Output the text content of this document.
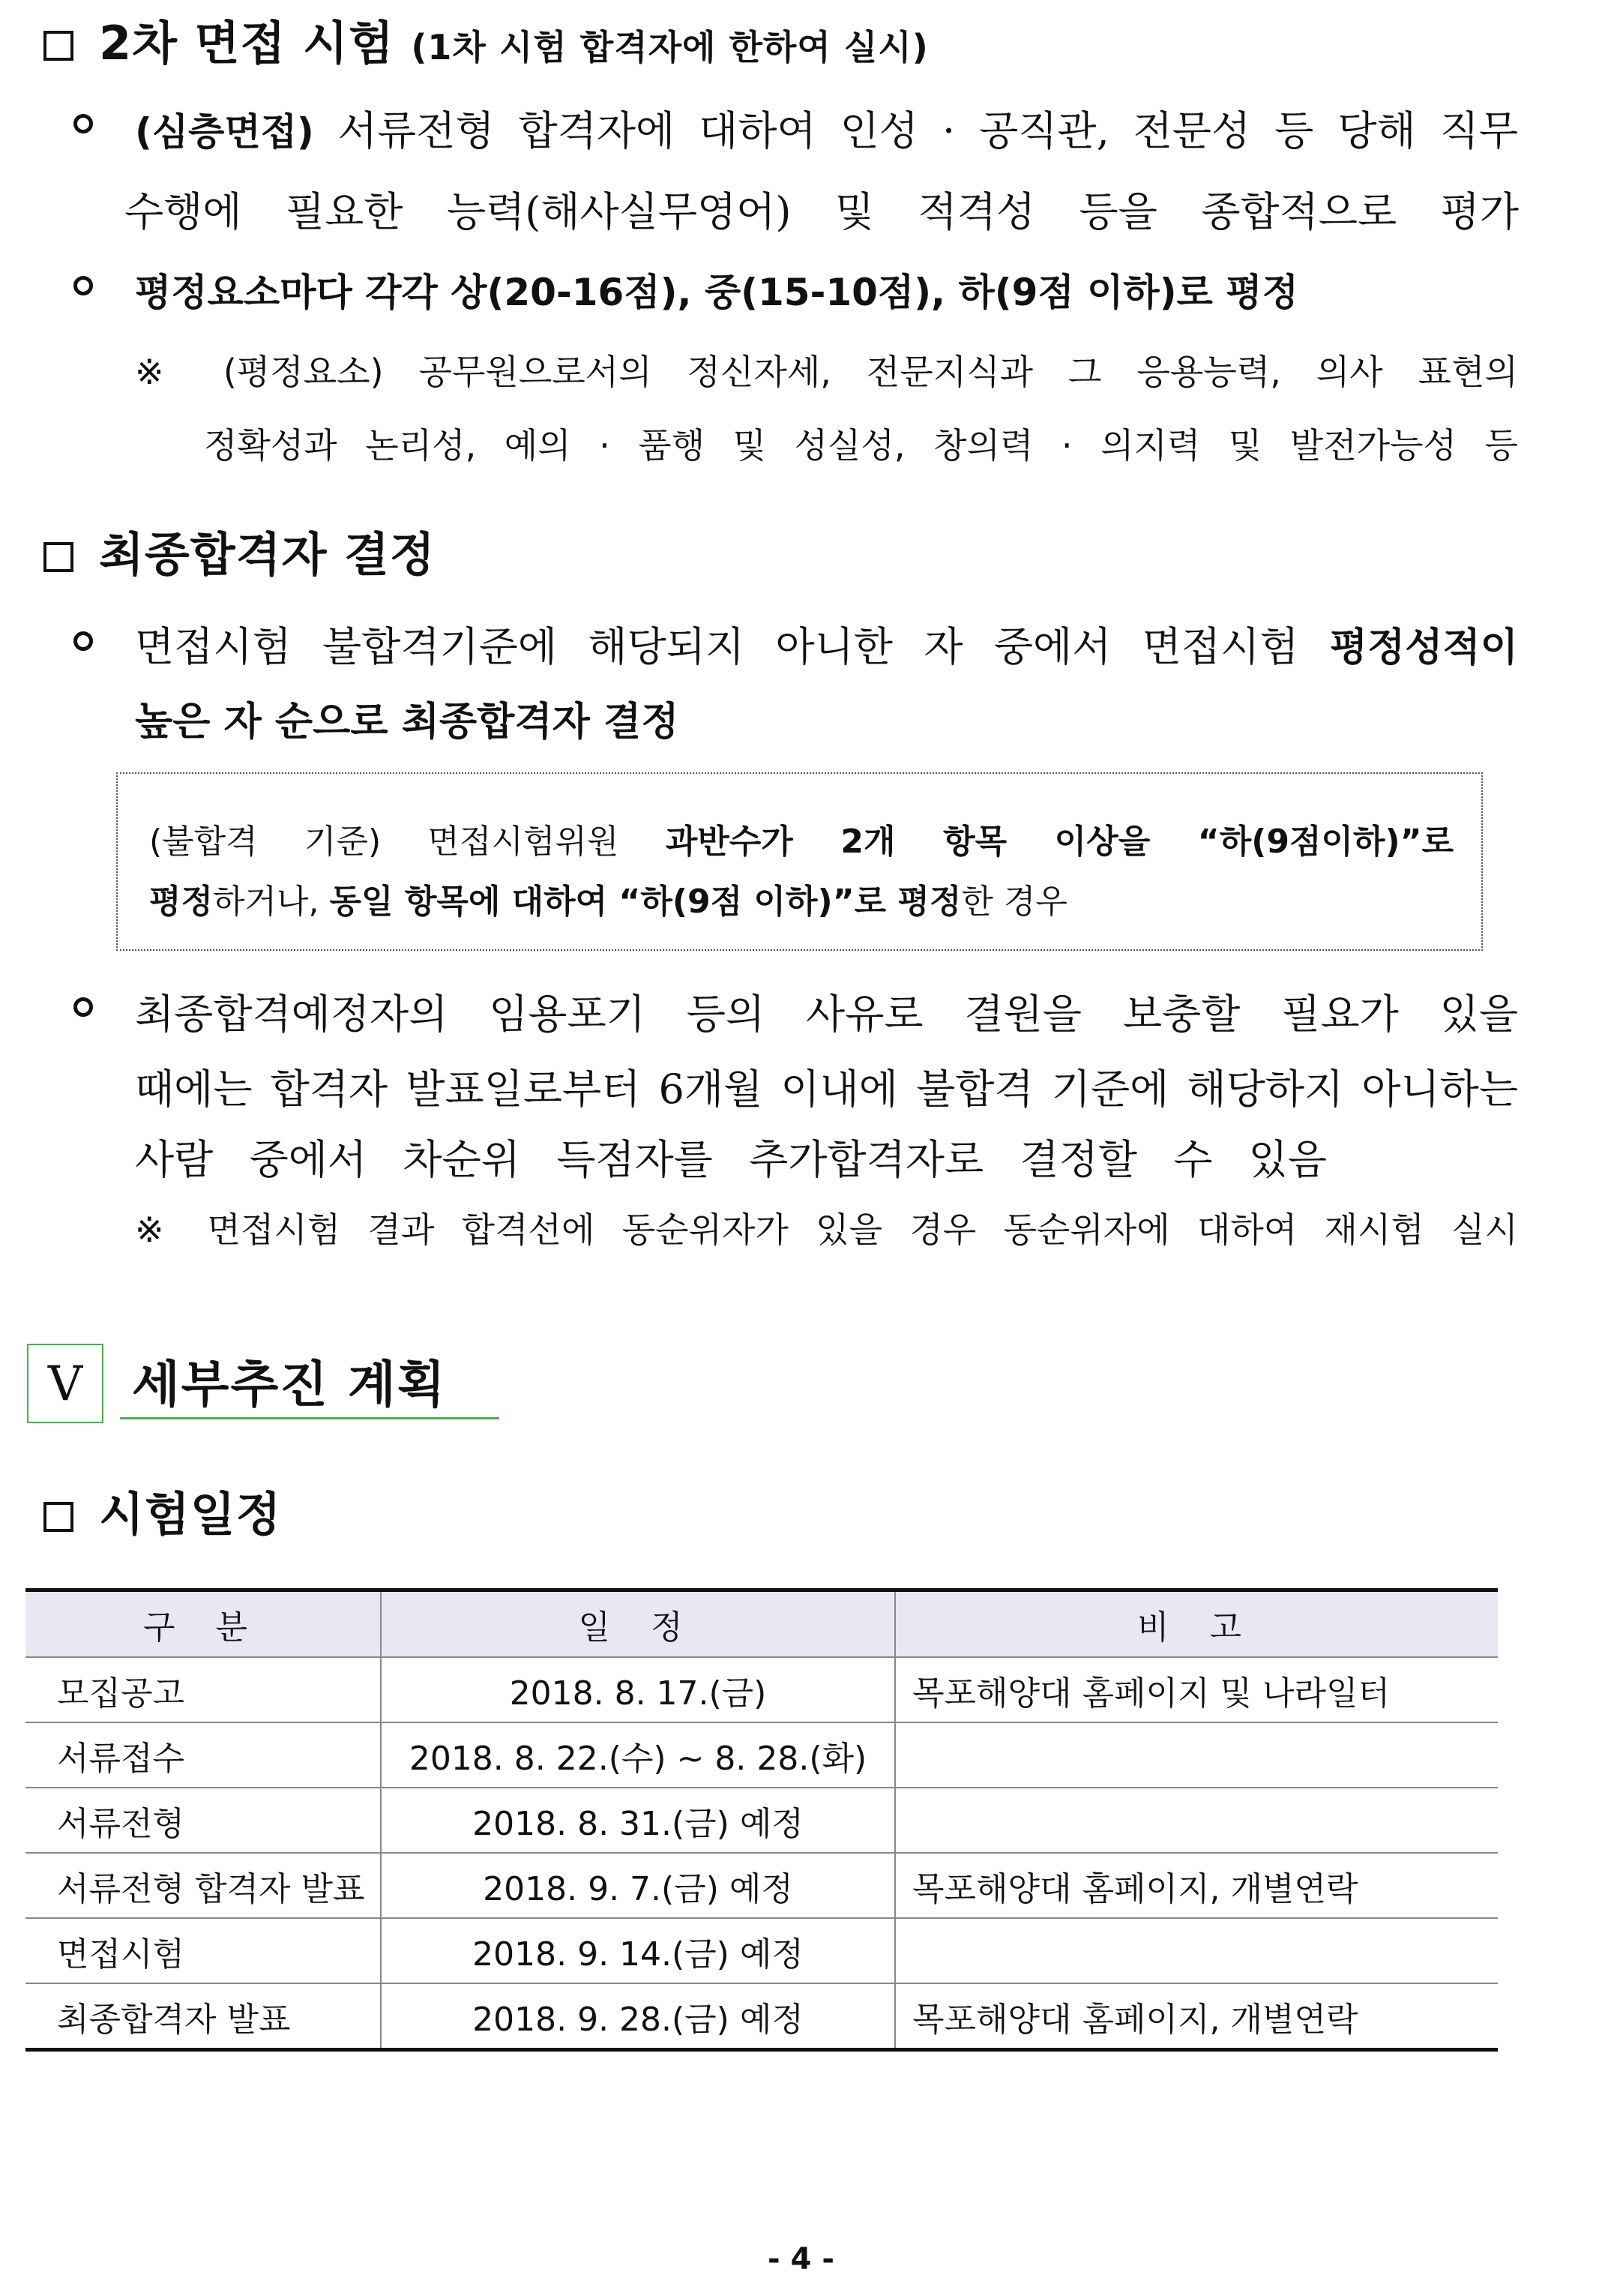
2차 면접 시험 (1차 시험 합격자에 한하여 실시)
(심층면접) 서류전형 합격자에 대하여 인성 · 공직관, 전문성 등 당해 직무
수행에 필요한 능력(해사실무영어) 및 적격성 등을 종합적으로 평가
평정요소마다 각각 상(20-16점), 중(15-10점), 하(9점 이하)로 평정
※ (평정요소) 공무원으로서의 정신자세, 전문지식과 그 응용능력, 의사 표현의
정확성과 논리성, 예의 · 품행 및 성실성, 창의력 · 의지력 및 발전가능성 등
최종합격자 결정
면접시험 불합격기준에 해당되지 아니한 자 중에서 면접시험 평정성적이
높은 자 순으로 최종합격자 결정
(불합격 기준) 면접시험위원 과반수가 2개 항목 이상을 “하(9점이하)”로
평정하거나, 동일 항목에 대하여 “하(9점 이하)”로 평정한 경우
최종합격예정자의 임용포기 등의 사유로 결원을 보충할 필요가 있을
때에는 합격자 발표일로부터 6개월 이내에 불합격 기준에 해당하지 아니하는
사람 중에서 차순위 득점자를 추가합격자로 결정할 수 있음
※ 면접시험 결과 합격선에 동순위자가 있을 경우 동순위자에 대하여 재시험 실시
Ⅴ 세부추진 계획
시험일정
구 분	일 정	비 고
모집공고	2018. 8. 17.(금)	목포해양대 홈페이지 및 나라일터
서류접수	2018. 8. 22.(수) ~ 8. 28.(화)	
서류전형	2018. 8. 31.(금) 예정	
서류전형 합격자 발표	2018. 9. 7.(금) 예정	목포해양대 홈페이지, 개별연락
면접시험	2018. 9. 14.(금) 예정	
최종합격자 발표	2018. 9. 28.(금) 예정	목포해양대 홈페이지, 개별연락
- 4 -
